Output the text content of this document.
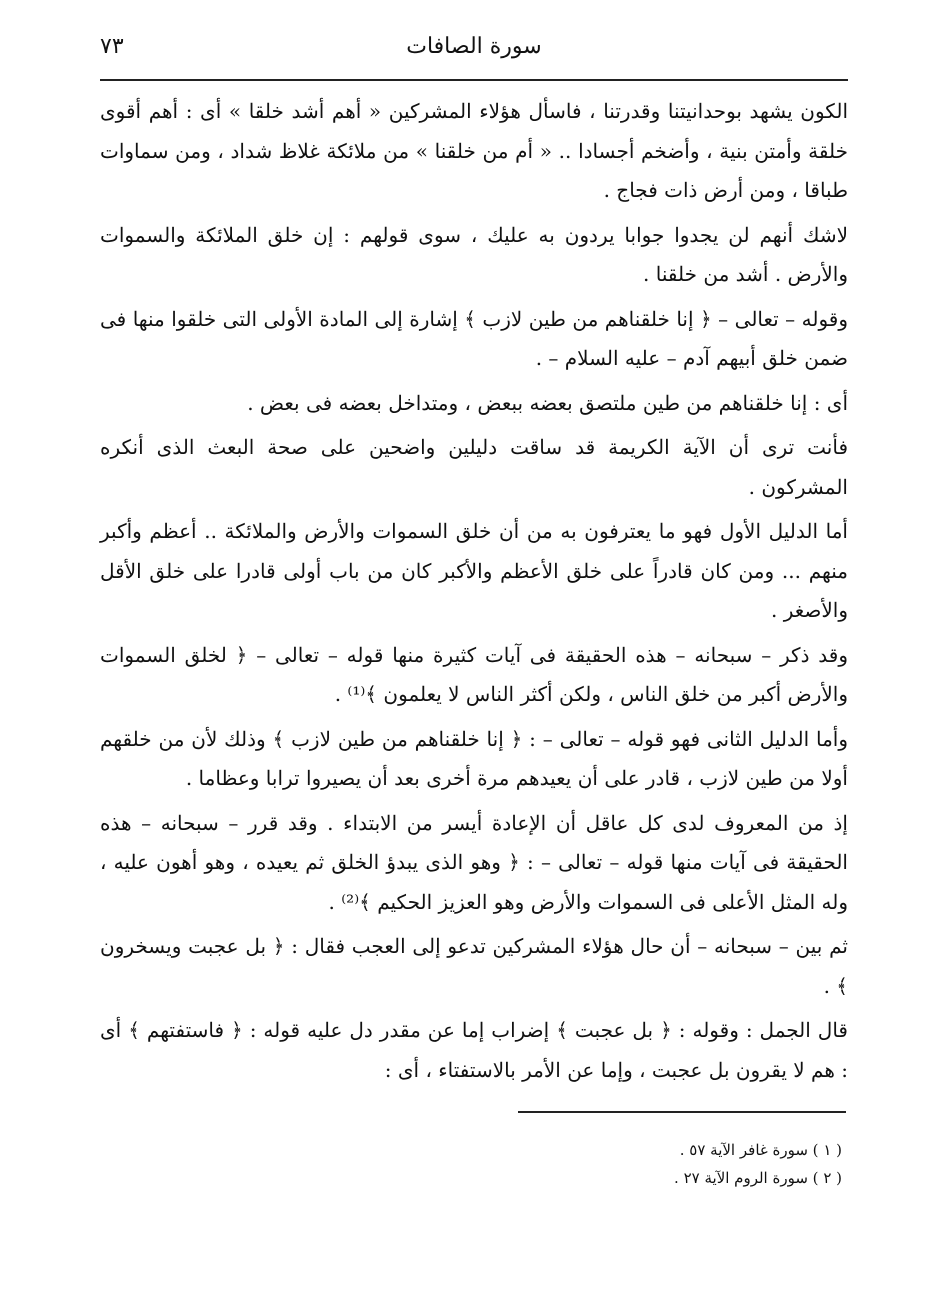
٧٣	سورة الصافات

الكون يشهد بوحدانيتنا وقدرتنا ، فاسأل هؤلاء المشركين « أهم أشد خلقا » أى : أهم أقوى خلقة وأمتن بنية ، وأضخم أجسادا .. « أم من خلقنا » من ملائكة غلاظ شداد ، ومن سماوات طباقا ، ومن أرض ذات فجاج .

لاشك أنهم لن يجدوا جوابا يردون به عليك ، سوى قولهم : إن خلق الملائكة والسموات والأرض . أشد من خلقنا .

وقوله – تعالى – ﴿ إنا خلقناهم من طين لازب ﴾ إشارة إلى المادة الأولى التى خلقوا منها فى ضمن خلق أبيهم آدم – عليه السلام – .

أى : إنا خلقناهم من طين ملتصق بعضه ببعض ، ومتداخل بعضه فى بعض .

فأنت ترى أن الآية الكريمة قد ساقت دليلين واضحين على صحة البعث الذى أنكره المشركون .

أما الدليل الأول فهو ما يعترفون به من أن خلق السموات والأرض والملائكة .. أعظم وأكبر منهم ... ومن كان قادراً على خلق الأعظم والأكبر كان من باب أولى قادرا على خلق الأقل والأصغر .

وقد ذكر – سبحانه – هذه الحقيقة فى آيات كثيرة منها قوله – تعالى – ﴿ لخلق السموات والأرض أكبر من خلق الناس ، ولكن أكثر الناس لا يعلمون ﴾⁽¹⁾ .

وأما الدليل الثانى فهو قوله – تعالى – : ﴿ إنا خلقناهم من طين لازب ﴾ وذلك لأن من خلقهم أولا من طين لازب ، قادر على أن يعيدهم مرة أخرى بعد أن يصيروا ترابا وعظاما .

إذ من المعروف لدى كل عاقل أن الإعادة أيسر من الابتداء . وقد قرر – سبحانه – هذه الحقيقة فى آيات منها قوله – تعالى – : ﴿ وهو الذى يبدؤ الخلق ثم يعيده ، وهو أهون عليه ، وله المثل الأعلى فى السموات والأرض وهو العزيز الحكيم ﴾⁽²⁾ .

ثم بين – سبحانه – أن حال هؤلاء المشركين تدعو إلى العجب فقال : ﴿ بل عجبت ويسخرون ﴾ .

قال الجمل : وقوله : ﴿ بل عجبت ﴾ إضراب إما عن مقدر دل عليه قوله : ﴿ فاستفتهم ﴾ أى : هم لا يقرون بل عجبت ، وإما عن الأمر بالاستفتاء ، أى :

( ١ ) سورة غافر الآية ٥٧ .
( ٢ ) سورة الروم الآية ٢٧ .
